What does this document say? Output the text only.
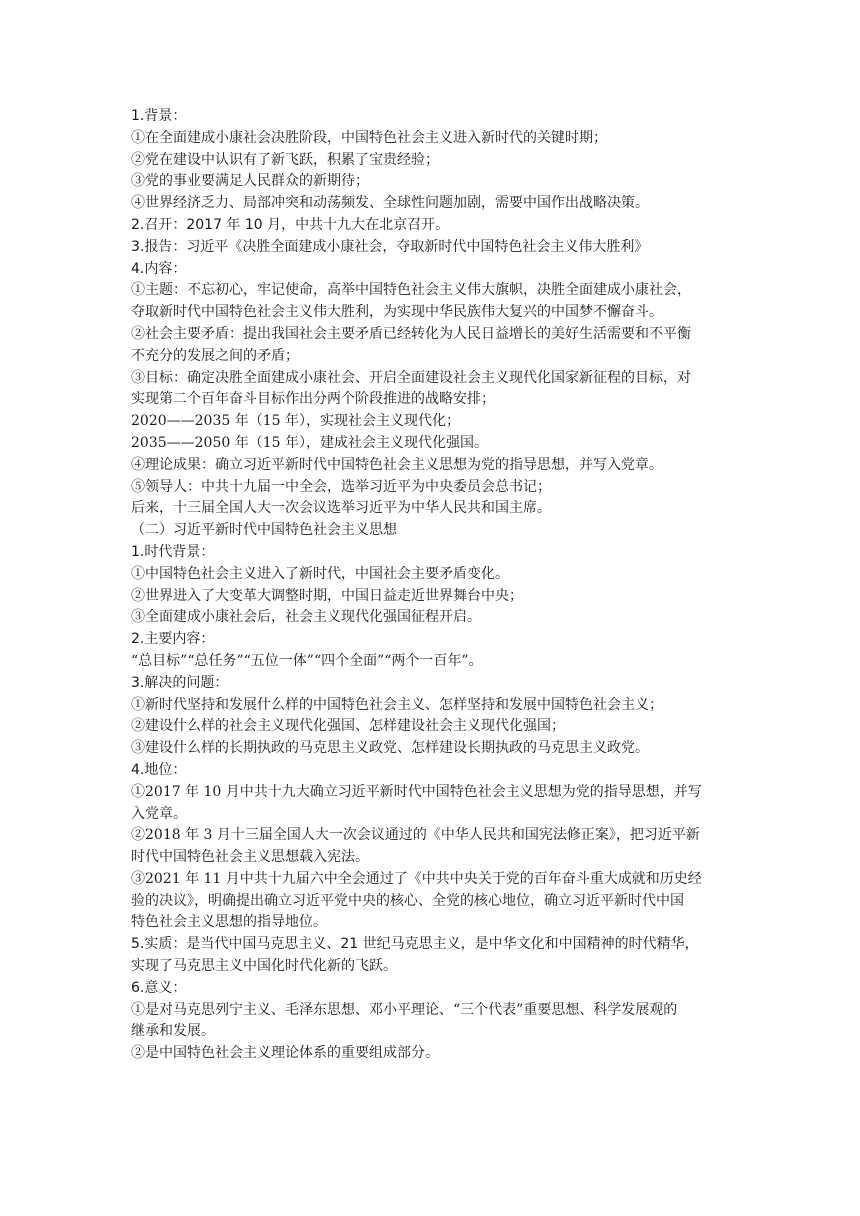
1.背景：
①在全面建成小康社会决胜阶段，中国特色社会主义进入新时代的关键时期；
②党在建设中认识有了新飞跃，积累了宝贵经验；
③党的事业要满足人民群众的新期待；
④世界经济乏力、局部冲突和动荡频发、全球性问题加剧，需要中国作出战略决策。
2.召开：2017 年 10 月，中共十九大在北京召开。
3.报告：习近平《决胜全面建成小康社会，夺取新时代中国特色社会主义伟大胜利》
4.内容：
①主题：不忘初心，牢记使命，高举中国特色社会主义伟大旗帜，决胜全面建成小康社会，
夺取新时代中国特色社会主义伟大胜利，为实现中华民族伟大复兴的中国梦不懈奋斗。
②社会主要矛盾：提出我国社会主要矛盾已经转化为人民日益增长的美好生活需要和不平衡
不充分的发展之间的矛盾；
③目标：确定决胜全面建成小康社会、开启全面建设社会主义现代化国家新征程的目标，对
实现第二个百年奋斗目标作出分两个阶段推进的战略安排；
2020——2035 年（15 年），实现社会主义现代化；
2035——2050 年（15 年），建成社会主义现代化强国。
④理论成果：确立习近平新时代中国特色社会主义思想为党的指导思想，并写入党章。
⑤领导人：中共十九届一中全会，选举习近平为中央委员会总书记；
后来，十三届全国人大一次会议选举习近平为中华人民共和国主席。
（二）习近平新时代中国特色社会主义思想
1.时代背景：
①中国特色社会主义进入了新时代，中国社会主要矛盾变化。
②世界进入了大变革大调整时期，中国日益走近世界舞台中央；
③全面建成小康社会后，社会主义现代化强国征程开启。
2.主要内容：
“总目标”“总任务”“五位一体”“四个全面”“两个一百年”。
3.解决的问题：
①新时代坚持和发展什么样的中国特色社会主义、怎样坚持和发展中国特色社会主义；
②建设什么样的社会主义现代化强国、怎样建设社会主义现代化强国；
③建设什么样的长期执政的马克思主义政党、怎样建设长期执政的马克思主义政党。
4.地位：
①2017 年 10 月中共十九大确立习近平新时代中国特色社会主义思想为党的指导思想，并写
入党章。
②2018 年 3 月十三届全国人大一次会议通过的《中华人民共和国宪法修正案》，把习近平新
时代中国特色社会主义思想载入宪法。
③2021 年 11 月中共十九届六中全会通过了《中共中央关于党的百年奋斗重大成就和历史经
验的决议》，明确提出确立习近平党中央的核心、全党的核心地位，确立习近平新时代中国
特色社会主义思想的指导地位。
5.实质：是当代中国马克思主义、21 世纪马克思主义，是中华文化和中国精神的时代精华，
实现了马克思主义中国化时代化新的飞跃。
6.意义：
①是对马克思列宁主义、毛泽东思想、邓小平理论、“三个代表”重要思想、科学发展观的
继承和发展。
②是中国特色社会主义理论体系的重要组成部分。
